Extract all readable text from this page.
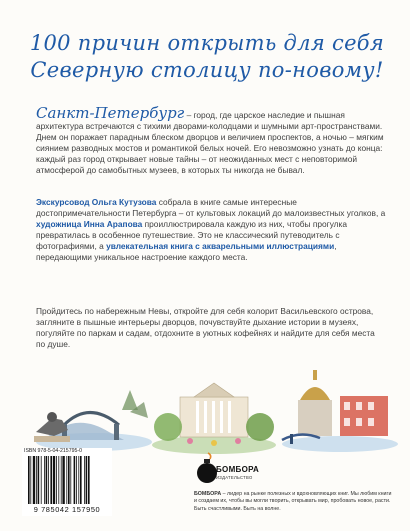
100 причин открыть для себя
Северную столицу по-новому!

Санкт-Петербург – город, где царское наследие и пышная архитектура встречаются с тихими дворами-колодцами и шумными арт-пространствами. Днем он поражает парадным блеском дворцов и величием проспектов, а ночью – мягким сиянием разводных мостов и романтикой белых ночей. Его невозможно узнать до конца: каждый раз город открывает новые тайны – от неожиданных мест с неповторимой атмосферой до самобытных музеев, в которых ты никогда не бывал.

Экскурсовод Ольга Кутузова собрала в книге самые интересные достопримечательности Петербурга – от культовых локаций до малоизвестных уголков, а художница Инна Арапова проиллюстрировала каждую из них, чтобы прогулка превратилась в особенное путешествие. Это не классический путеводитель с фотографиями, а увлекательная книга с акварельными иллюстрациями, передающими уникальное настроение каждого места.

Пройдитесь по набережным Невы, откройте для себя колорит Васильевского острова, загляните в пышные интерьеры дворцов, почувствуйте дыхание истории в музеях, погуляйте по паркам и садам, отдохните в уютных кофейнях и найдите для себя места по душе.

ISBN 978-5-04-215795-0
9 785042 157950
БОМБОРА
ИЗДАТЕЛЬСТВО
БОМБОРА – лидер на рынке полезных и вдохновляющих книг. Мы любим книги и создаем их, чтобы вы могли творить, открывать мир, пробовать новое, расти. Быть счастливыми. Быть на волне.
